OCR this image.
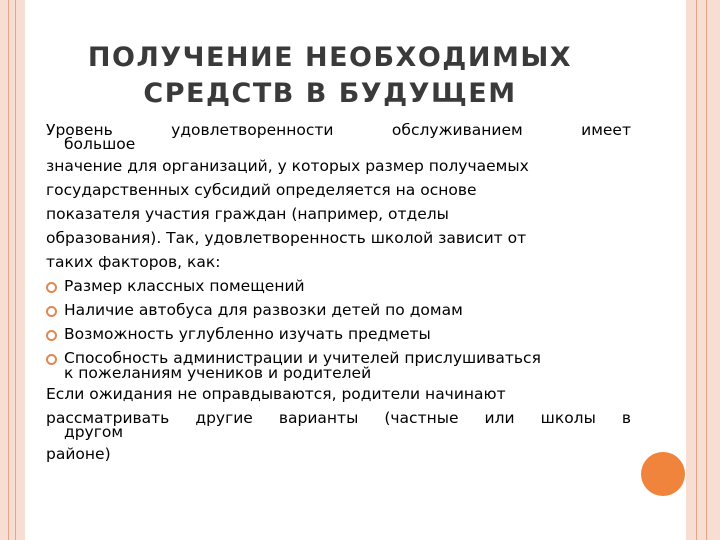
ПОЛУЧЕНИЕ НЕОБХОДИМЫХ
СРЕДСТВ В БУДУЩЕМ
Уровень удовлетворенности обслуживанием имеет
большое
значение для организаций, у которых размер получаемых
государственных субсидий определяется на основе
показателя участия граждан (например, отделы
образования). Так, удовлетворенность школой зависит от
таких факторов, как:
Размер классных помещений
Наличие автобуса для развозки детей по домам
Возможность углубленно изучать предметы
Способность администрации и учителей прислушиваться
к пожеланиям учеников и родителей
Если ожидания не оправдываются, родители начинают
рассматривать другие варианты (частные или школы в
другом
районе)
